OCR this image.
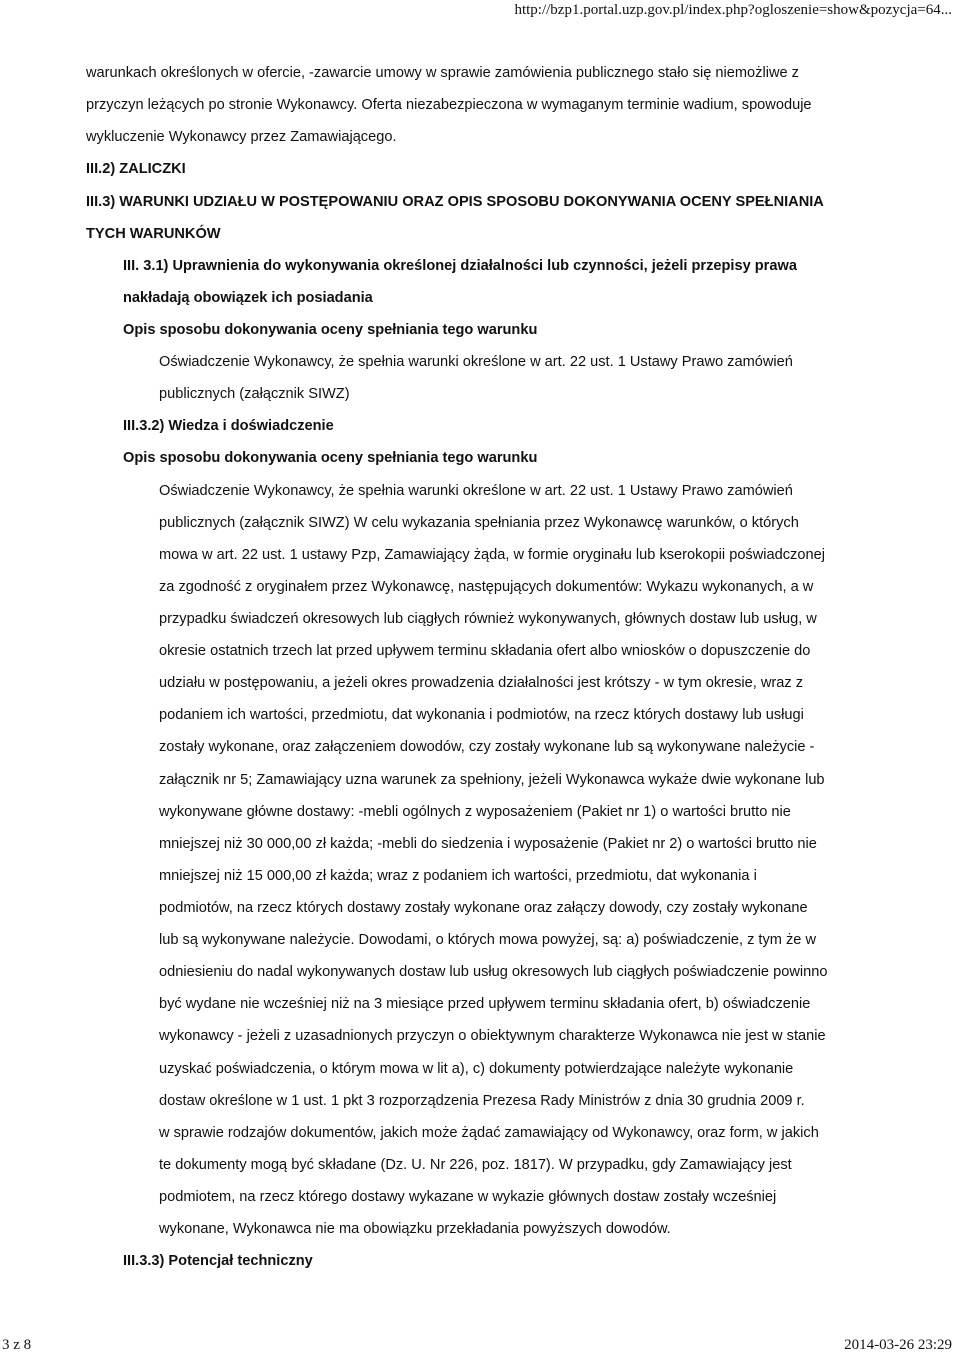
http://bzp1.portal.uzp.gov.pl/index.php?ogloszenie=show&pozycja=64...

warunkach określonych w ofercie, -zawarcie umowy w sprawie zamówienia publicznego stało się niemożliwe z

przyczyn leżących po stronie Wykonawcy. Oferta niezabezpieczona w wymaganym terminie wadium, spowoduje

wykluczenie Wykonawcy przez Zamawiającego.

III.2) ZALICZKI

III.3) WARUNKI UDZIAŁU W POSTĘPOWANIU ORAZ OPIS SPOSOBU DOKONYWANIA OCENY SPEŁNIANIA

TYCH WARUNKÓW

III. 3.1) Uprawnienia do wykonywania określonej działalności lub czynności, jeżeli przepisy prawa

nakładają obowiązek ich posiadania

Opis sposobu dokonywania oceny spełniania tego warunku

Oświadczenie Wykonawcy, że spełnia warunki określone w art. 22 ust. 1 Ustawy Prawo zamówień

publicznych (załącznik SIWZ)

III.3.2) Wiedza i doświadczenie

Opis sposobu dokonywania oceny spełniania tego warunku

Oświadczenie Wykonawcy, że spełnia warunki określone w art. 22 ust. 1 Ustawy Prawo zamówień

publicznych (załącznik SIWZ) W celu wykazania spełniania przez Wykonawcę warunków, o których

mowa w art. 22 ust. 1 ustawy Pzp, Zamawiający żąda, w formie oryginału lub kserokopii poświadczonej

za zgodność z oryginałem przez Wykonawcę, następujących dokumentów: Wykazu wykonanych, a w

przypadku świadczeń okresowych lub ciągłych również wykonywanych, głównych dostaw lub usług, w

okresie ostatnich trzech lat przed upływem terminu składania ofert albo wniosków o dopuszczenie do

udziału w postępowaniu, a jeżeli okres prowadzenia działalności jest krótszy - w tym okresie, wraz z

podaniem ich wartości, przedmiotu, dat wykonania i podmiotów, na rzecz których dostawy lub usługi

zostały wykonane, oraz załączeniem dowodów, czy zostały wykonane lub są wykonywane należycie -

załącznik nr 5; Zamawiający uzna warunek za spełniony, jeżeli Wykonawca wykaże dwie wykonane lub

wykonywane główne dostawy: -mebli ogólnych z wyposażeniem (Pakiet nr 1) o wartości brutto nie

mniejszej niż 30 000,00 zł każda; -mebli do siedzenia i wyposażenie (Pakiet nr 2) o wartości brutto nie

mniejszej niż 15 000,00 zł każda; wraz z podaniem ich wartości, przedmiotu, dat wykonania i

podmiotów, na rzecz których dostawy zostały wykonane oraz załączy dowody, czy zostały wykonane

lub są wykonywane należycie. Dowodami, o których mowa powyżej, są: a) poświadczenie, z tym że w

odniesieniu do nadal wykonywanych dostaw lub usług okresowych lub ciągłych poświadczenie powinno

być wydane nie wcześniej niż na 3 miesiące przed upływem terminu składania ofert, b) oświadczenie

wykonawcy - jeżeli z uzasadnionych przyczyn o obiektywnym charakterze Wykonawca nie jest w stanie

uzyskać poświadczenia, o którym mowa w lit a), c) dokumenty potwierdzające należyte wykonanie

dostaw określone w 1 ust. 1 pkt 3 rozporządzenia Prezesa Rady Ministrów z dnia 30 grudnia 2009 r.

w sprawie rodzajów dokumentów, jakich może żądać zamawiający od Wykonawcy, oraz form, w jakich

te dokumenty mogą być składane (Dz. U. Nr 226, poz. 1817). W przypadku, gdy Zamawiający jest

podmiotem, na rzecz którego dostawy wykazane w wykazie głównych dostaw zostały wcześniej

wykonane, Wykonawca nie ma obowiązku przekładania powyższych dowodów.

III.3.3) Potencjał techniczny

3 z 8	2014-03-26 23:29
